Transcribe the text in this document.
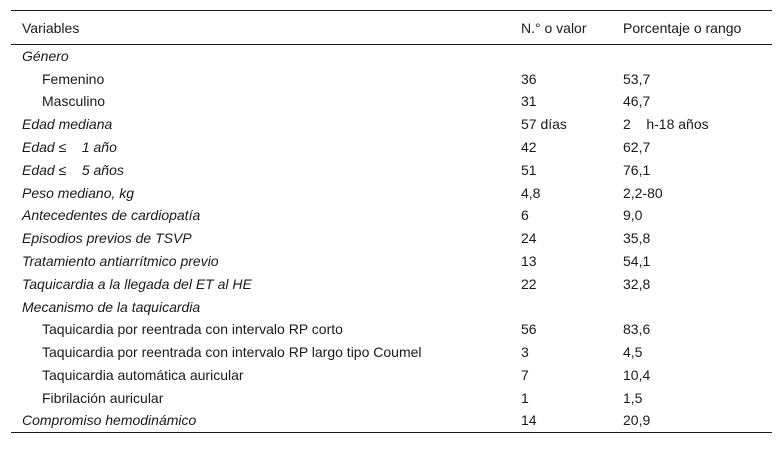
Variables	N.° o valor	Porcentaje o rango
Género		
Femenino	36	53,7
Masculino	31	46,7
Edad mediana	57 días	2    h-18 años
Edad ≤    1 año	42	62,7
Edad ≤    5 años	51	76,1
Peso mediano, kg	4,8	2,2-80
Antecedentes de cardiopatía	6	9,0
Episodios previos de TSVP	24	35,8
Tratamiento antiarrítmico previo	13	54,1
Taquicardia a la llegada del ET al HE	22	32,8
Mecanismo de la taquicardia		
Taquicardia por reentrada con intervalo RP corto	56	83,6
Taquicardia por reentrada con intervalo RP largo tipo Coumel	3	4,5
Taquicardia automática auricular	7	10,4
Fibrilación auricular	1	1,5
Compromiso hemodinámico	14	20,9
